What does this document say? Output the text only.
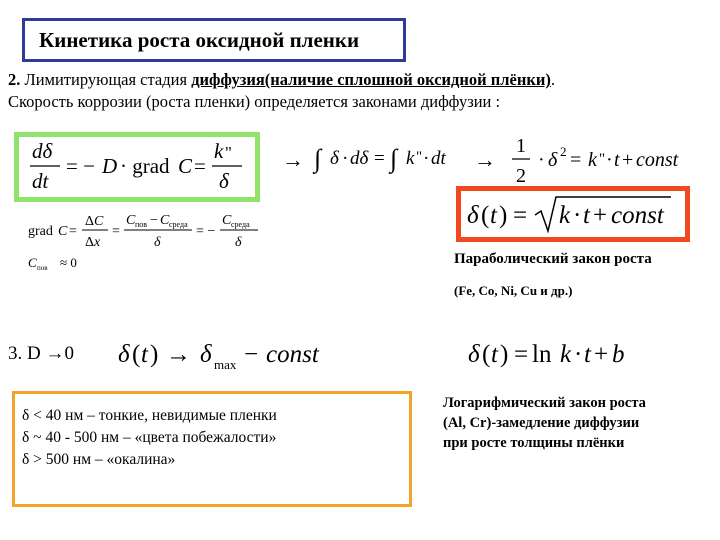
Кинетика роста оксидной пленки
2. Лимитирующая стадия диффузия(наличие сплошной оксидной плёнки).
Скорость коррозии (роста пленки) определяется законами диффузии :
dδ
dt
= − D · grad C =
k "
δ
→ ∫ δ · dδ = ∫ k " · dt →
1
2
· δ 2 = k " · t + const
δ ( t ) = k · t + const
grad C =
Δ C
Δ x
=
C пов − C среда
δ
= −
C среда
δ
C пов ≈ 0	Параболический закон роста
(Fe, Co, Ni, Cu и др.)
3. D →0 δ ( t ) → δ max − const	δ ( t ) = ln k · t + b
δ < 40 нм – тонкие, невидимые пленки
δ ~ 40 - 500 нм – «цвета побежалости»
δ > 500 нм – «окалина»
Логарифмический закон роста
(Al, Cr)-замедление диффузии
при росте толщины плёнки
